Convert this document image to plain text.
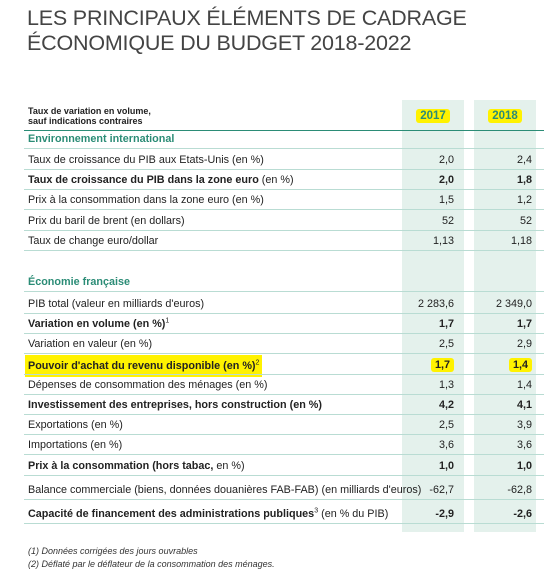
LES PRINCIPAUX ÉLÉMENTS DE CADRAGE
ÉCONOMIQUE DU BUDGET 2018-2022
Taux de variation en volume,
sauf indications contraires	2017	2018
Environnement international
Taux de croissance du PIB aux Etats-Unis (en %)	2,0	2,4
Taux de croissance du PIB dans la zone euro (en %)	2,0	1,8
Prix à la consommation dans la zone euro (en %)	1,5	1,2
Prix du baril de brent (en dollars)	52	52
Taux de change euro/dollar	1,13	1,18
Économie française
PIB total (valeur en milliards d'euros)	2 283,6	2 349,0
Variation en volume (en %)$^1$	1,7	1,7
Variation en valeur (en %)	2,5	2,9
Pouvoir d'achat du revenu disponible (en %)$^2$	1,7	1,4
Dépenses de consommation des ménages (en %)	1,3	1,4
Investissement des entreprises, hors construction (en %)	4,2	4,1
Exportations (en %)	2,5	3,9
Importations (en %)	3,6	3,6
Prix à la consommation (hors tabac, en %)	1,0	1,0
Balance commerciale (biens, données douanières FAB-FAB) (en milliards d'euros) -62,7	-62,8
Capacité de financement des administrations publiques$^3$ (en % du PIB)	-2,9	-2,6
(1) Données corrigées des jours ouvrables
(2) Déflaté par le déflateur de la consommation des ménages.
